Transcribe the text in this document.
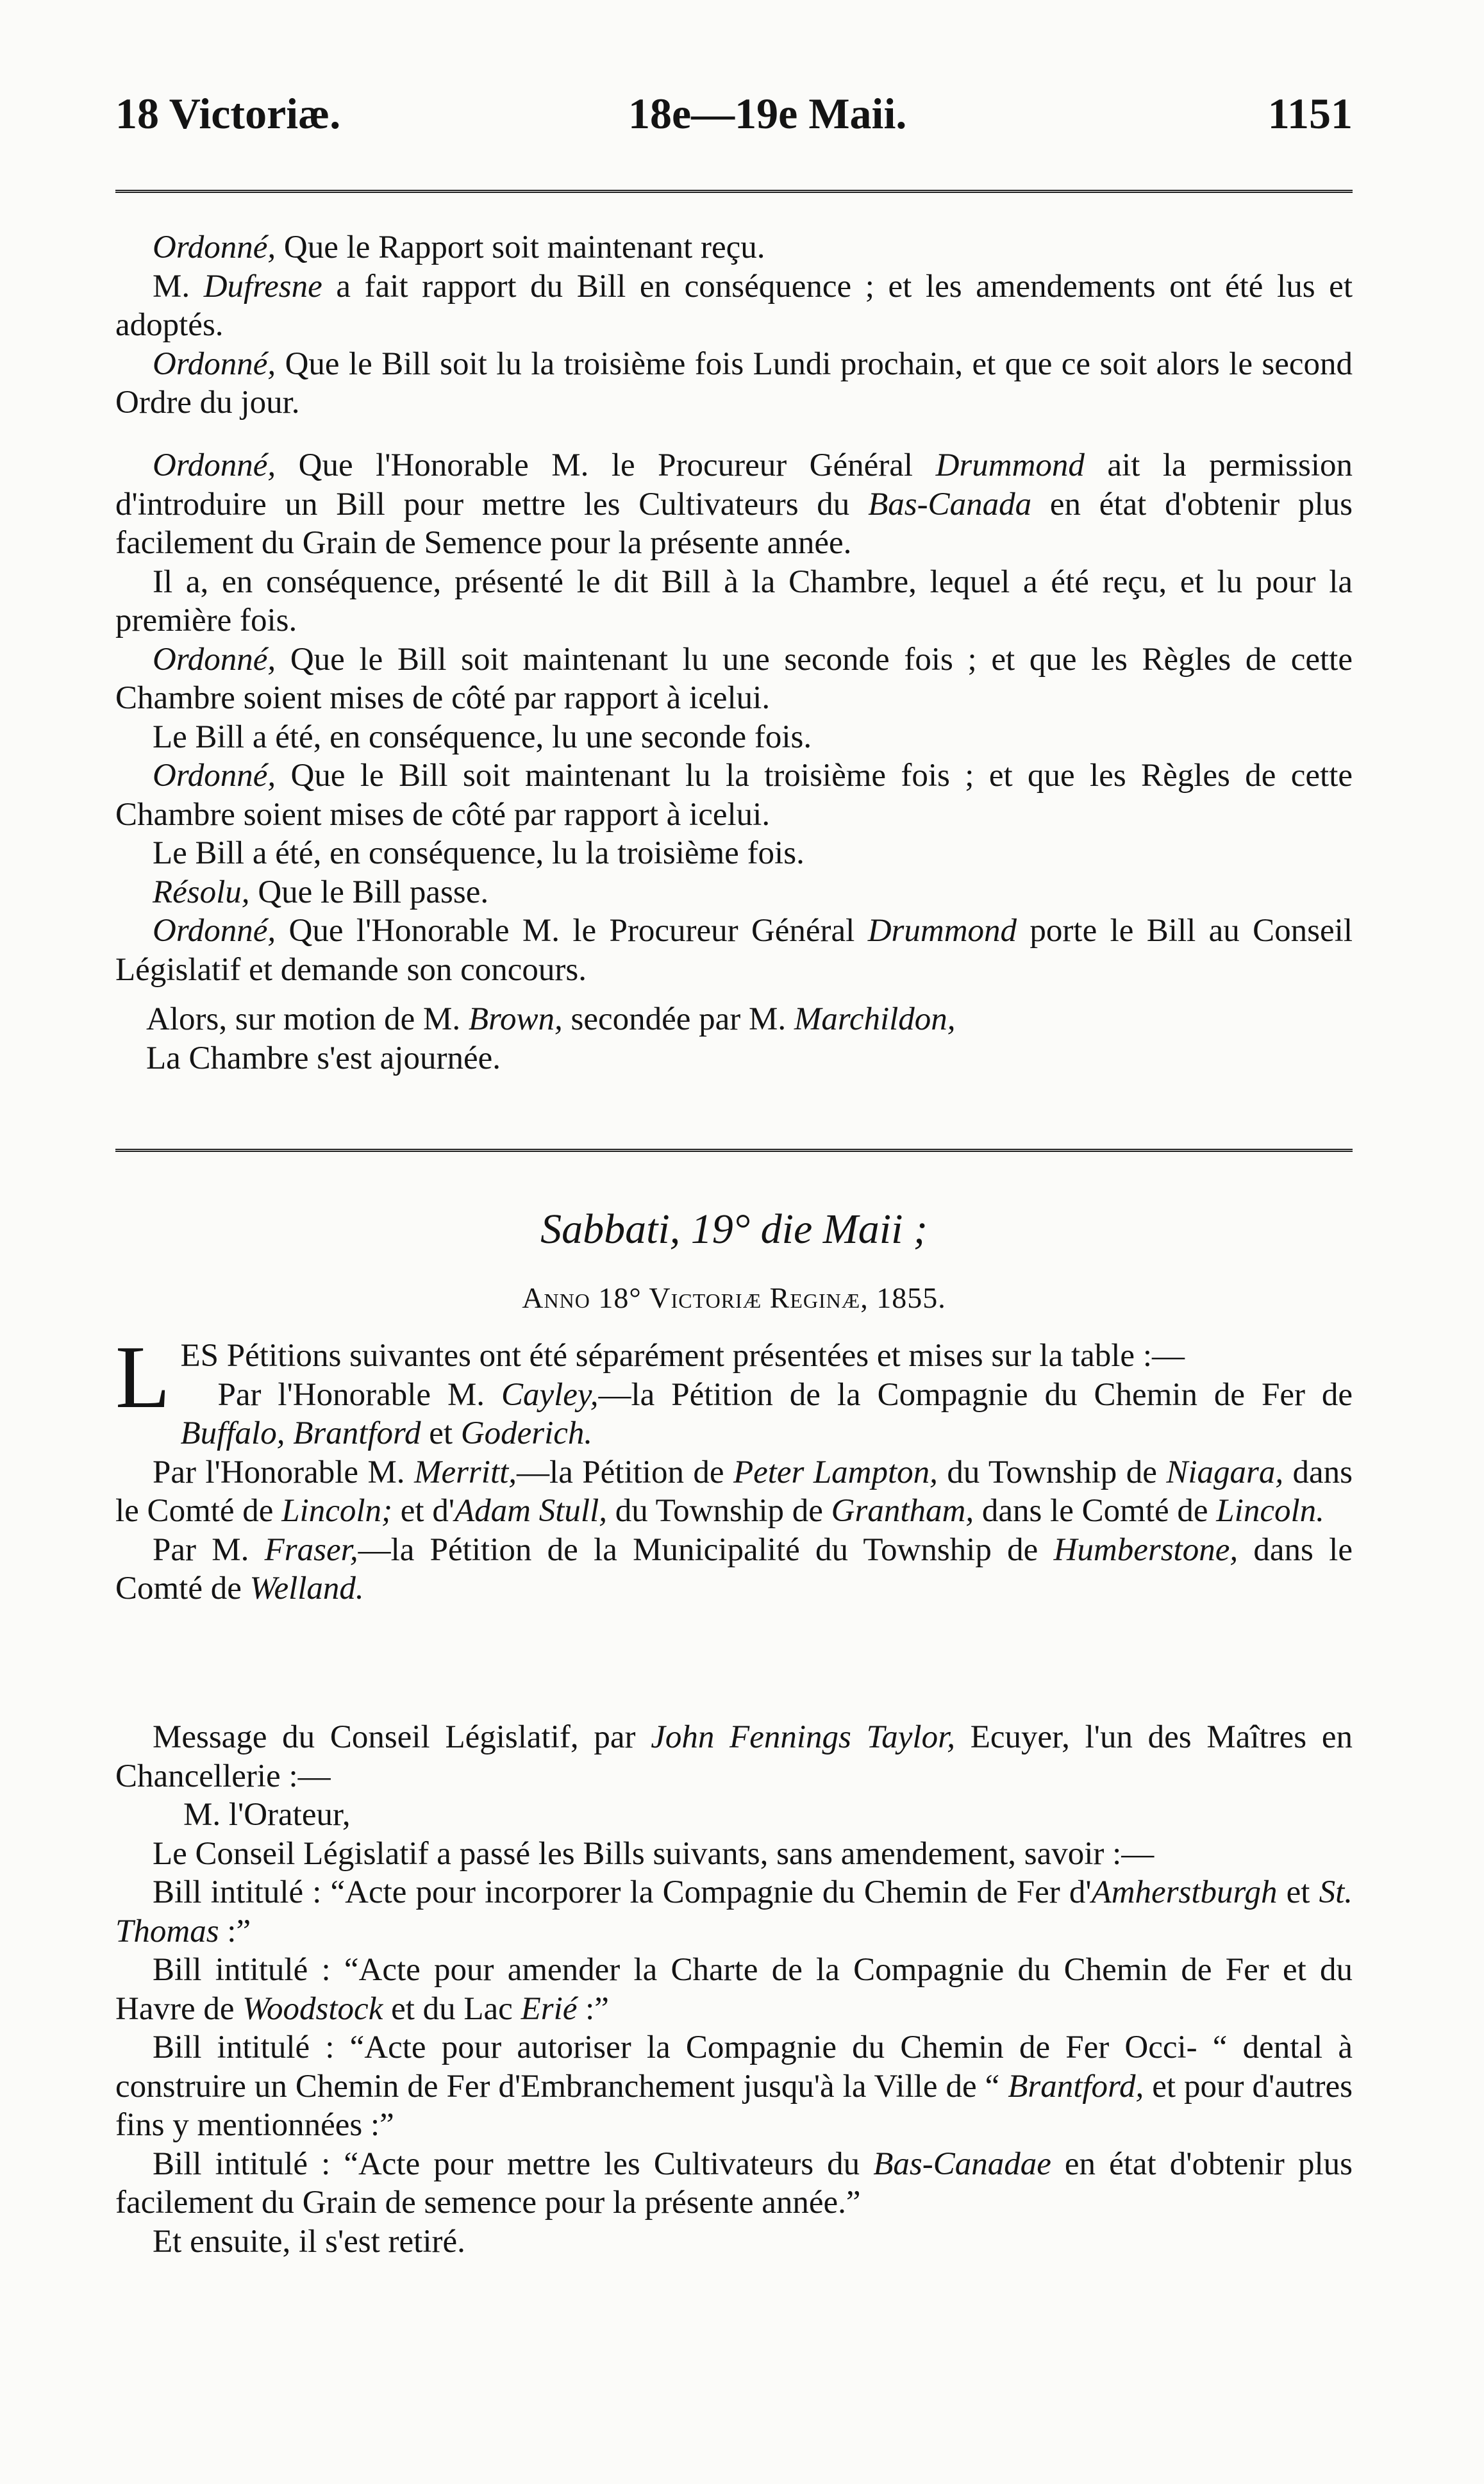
18 Victoriæ.	18e—19e Maii.	1151

Ordonné, Que le Rapport soit maintenant reçu.

M. Dufresne a fait rapport du Bill en conséquence ; et les amendements ont été lus et adoptés.

Ordonné, Que le Bill soit lu la troisième fois Lundi prochain, et que ce soit alors le second Ordre du jour.

Ordonné, Que l'Honorable M. le Procureur Général Drummond ait la permission d'introduire un Bill pour mettre les Cultivateurs du Bas-Canada en état d'obtenir plus facilement du Grain de Semence pour la présente année.

Il a, en conséquence, présenté le dit Bill à la Chambre, lequel a été reçu, et lu pour la première fois.

Ordonné, Que le Bill soit maintenant lu une seconde fois ; et que les Règles de cette Chambre soient mises de côté par rapport à icelui.

Le Bill a été, en conséquence, lu une seconde fois.

Ordonné, Que le Bill soit maintenant lu la troisième fois ; et que les Règles de cette Chambre soient mises de côté par rapport à icelui.

Le Bill a été, en conséquence, lu la troisième fois.

Résolu, Que le Bill passe.

Ordonné, Que l'Honorable M. le Procureur Général Drummond porte le Bill au Conseil Législatif et demande son concours.

Alors, sur motion de M. Brown, secondée par M. Marchildon,

La Chambre s'est ajournée.

Sabbati, 19° die Maii ;
Anno 18° Victoriæ Reginæ, 1855.

LES Pétitions suivantes ont été séparément présentées et mises sur la table :—

Par l'Honorable M. Cayley,—la Pétition de la Compagnie du Chemin de Fer de Buffalo, Brantford et Goderich.

Par l'Honorable M. Merritt,—la Pétition de Peter Lampton, du Township de Niagara, dans le Comté de Lincoln; et d'Adam Stull, du Township de Grantham, dans le Comté de Lincoln.

Par M. Fraser,—la Pétition de la Municipalité du Township de Humberstone, dans le Comté de Welland.

Message du Conseil Législatif, par John Fennings Taylor, Ecuyer, l'un des Maîtres en Chancellerie :—

M. l'Orateur,

Le Conseil Législatif a passé les Bills suivants, sans amendement, savoir :—

Bill intitulé : “Acte pour incorporer la Compagnie du Chemin de Fer d'Amherstburgh et St. Thomas :”

Bill intitulé : “Acte pour amender la Charte de la Compagnie du Chemin de Fer et du Havre de Woodstock et du Lac Erié :”

Bill intitulé : “Acte pour autoriser la Compagnie du Chemin de Fer Occi- “ dental à construire un Chemin de Fer d'Embranchement jusqu'à la Ville de “ Brantford, et pour d'autres fins y mentionnées :”

Bill intitulé : “Acte pour mettre les Cultivateurs du Bas-Canadae en état d'obtenir plus facilement du Grain de semence pour la présente année.”

Et ensuite, il s'est retiré.
